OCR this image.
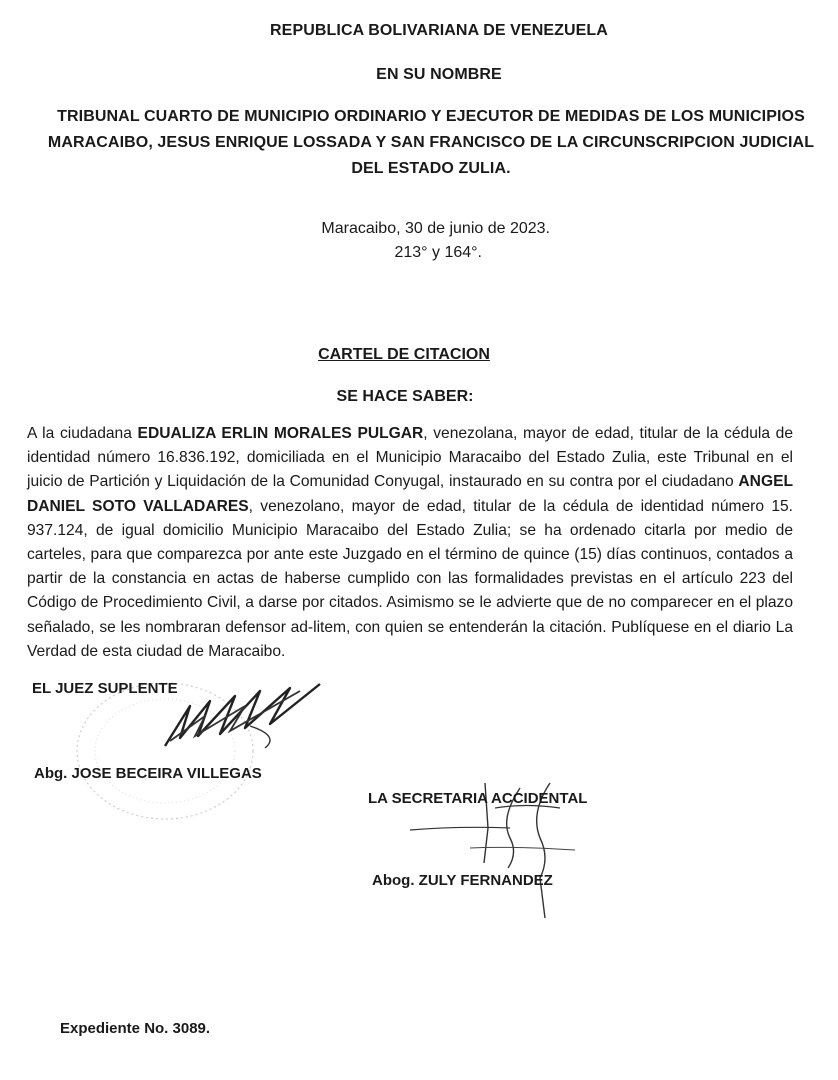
REPUBLICA BOLIVARIANA DE VENEZUELA
EN SU NOMBRE
TRIBUNAL CUARTO DE MUNICIPIO ORDINARIO Y EJECUTOR DE MEDIDAS DE LOS MUNICIPIOS
MARACAIBO, JESUS ENRIQUE LOSSADA Y SAN FRANCISCO DE LA CIRCUNSCRIPCION JUDICIAL
DEL ESTADO ZULIA.
Maracaibo, 30 de junio de 2023.
213° y 164°.
CARTEL DE CITACION
SE HACE SABER:
A la ciudadana EDUALIZA ERLIN MORALES PULGAR, venezolana, mayor de edad, titular de la cédula de identidad número 16.836.192, domiciliada en el Municipio Maracaibo del Estado Zulia, este Tribunal en el juicio de Partición y Liquidación de la Comunidad Conyugal, instaurado en su contra por el ciudadano ANGEL DANIEL SOTO VALLADARES, venezolano, mayor de edad, titular de la cédula de identidad número 15. 937.124, de igual domicilio Municipio Maracaibo del Estado Zulia; se ha ordenado citarla por medio de carteles, para que comparezca por ante este Juzgado en el término de quince (15) días continuos, contados a partir de la constancia en actas de haberse cumplido con las formalidades previstas en el artículo 223 del Código de Procedimiento Civil, a darse por citados. Asimismo se le advierte que de no comparecer en el plazo señalado, se les nombraran defensor ad-litem, con quien se entenderán la citación. Publíquese en el diario La Verdad de esta ciudad de Maracaibo.
EL JUEZ SUPLENTE
Abg. JOSE BECEIRA VILLEGAS
LA SECRETARIA ACCIDENTAL
Abog. ZULY FERNANDEZ
Expediente No. 3089.
